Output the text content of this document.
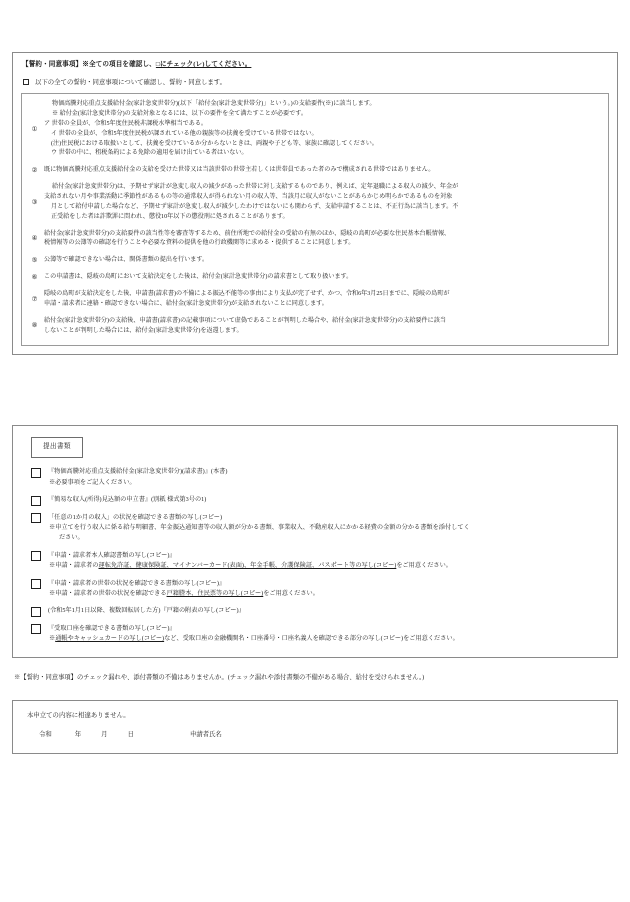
【誓約・同意事項】※全ての項目を確認し、□にチェック(レ)してください。
以下の全ての誓約・同意事項について確認し、誓約・同意します。
①

物価高騰対応重点支援給付金(家計急変世帯分)(以下「給付金(家計急変世帯分)」という。)の支給要件(※)に該当します。

※ 給付金(家計急変世帯分)の支給対象となるには、以下の要件を全て満たすことが必要です。

ア 世帯の全員が、令和5年度住民税非課税水準相当である。

イ 世帯の全員が、令和5年度住民税が課されている他の親族等の扶養を受けている世帯ではない。

(注)住民税における取扱いとして、扶養を受けているか分からないときは、両親や子ども等、家族に確認してください。

ウ 世帯の中に、租税条約による免除の適用を届け出ている者はいない。

②	既に物価高騰対応重点支援給付金の支給を受けた世帯又は当該世帯の世帯主若しくは世帯員であった者のみで構成される世帯ではありません。

③

給付金(家計急変世帯分)は、予期せず家計が急変し収入の減少があった世帯に対し支給するものであり、例えば、定年退職による収入の減少、年金が

支給されない月や事業活動に季節性があるもの等の通常収入が得られない月の収入等、当該月に収入がないことがあらかじめ明らかであるものを対象

月として給付申請した場合など、予期せず家計が急変し収入が減少したわけではないにも関わらず、支給申請することは、不正行為に該当します。不

正受給をした者は詐欺罪に問われ、懲役10年以下の懲役刑に処されることがあります。

④

給付金(家計急変世帯分)の支給要件の該当性等を審査等するため、前住所地での給付金の受給の有無のほか、隠岐の島町が必要な住民基本台帳情報、

税情報等の公簿等の確認を行うことや必要な資料の提供を他の行政機関等に求める・提供することに同意します。

⑤	公簿等で確認できない場合は、関係書類の提出を行います。

⑥	この申請書は、隠岐の島町において支給決定をした後は、給付金(家計急変世帯分)の請求書として取り扱います。

⑦

隠岐の島町が支給決定をした後、申請書(請求書)の不備による振込不能等の事由により支払が完了せず、かつ、令和6年3月25日までに、隠岐の島町が

申請・請求者に連絡・確認できない場合に、給付金(家計急変世帯分)が支給されないことに同意します。

⑧

給付金(家計急変世帯分)の支給後、申請書(請求書)の記載事項について虚偽であることが判明した場合や、給付金(家計急変世帯分)の支給要件に該当

しないことが判明した場合には、給付金(家計急変世帯分)を返還します。

提出書類

『物価高騰対応重点支援給付金(家計急変世帯分)(請求書)』(本書)

※必要事項をご記入ください。

『簡易な収入(所得)見込額の申立書』(別紙 様式第3号の1)

「任意の1か月の収入」の状況を確認できる書類の写し(コピー)

※申立てを行う収入に係る給与明細書、年金振込通知書等の収入額が分かる書類、事業収入、不動産収入にかかる経費の金額の分かる書類を添付してく

ださい。

『申請・請求者本人確認書類の写し(コピー)』

※申請・請求者の運転免許証、健康保険証、マイナンバーカード(表面)、年金手帳、介護保険証、パスポート等の写し(コピー)をご用意ください。

『申請・請求者の世帯の状況を確認できる書類の写し(コピー)』

※申請・請求者の世帯の状況を確認できる戸籍謄本、住民票等の写し(コピー)をご用意ください。

(令和5年1月1日以降、複数回転居した方)『戸籍の附表の写し(コピー)』

『受取口座を確認できる書類の写し(コピー)』

※通帳やキャッシュカードの写し(コピー)など、受取口座の金融機関名・口座番号・口座名義人を確認できる部分の写し(コピー)をご用意ください。

※【誓約・同意事項】のチェック漏れや、添付書類の不備はありませんか。(チェック漏れや添付書類の不備がある場合、給付を受けられません。)

本申立ての内容に相違ありません。

令和	年	月	日	申請者氏名
